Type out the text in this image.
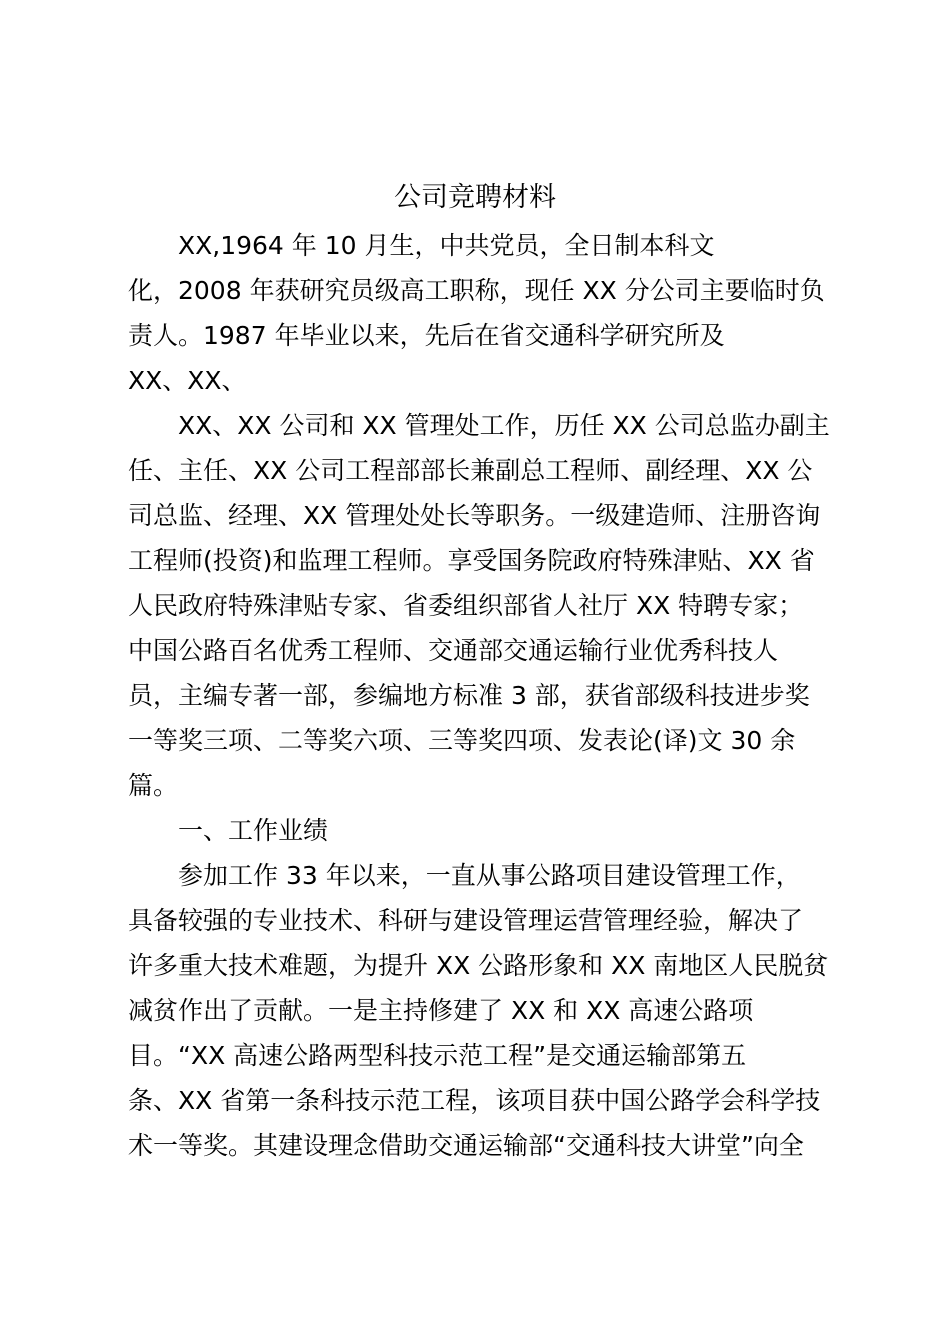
公司竞聘材料
XX,1964 年 10 月生，中共党员，全日制本科文
化，2008 年获研究员级高工职称，现任 XX 分公司主要临时负
责人。1987 年毕业以来，先后在省交通科学研究所及
XX、XX、
XX、XX 公司和 XX 管理处工作，历任 XX 公司总监办副主
任、主任、XX 公司工程部部长兼副总工程师、副经理、XX 公
司总监、经理、XX 管理处处长等职务。一级建造师、注册咨询
工程师(投资)和监理工程师。享受国务院政府特殊津贴、XX 省
人民政府特殊津贴专家、省委组织部省人社厅 XX 特聘专家；
中国公路百名优秀工程师、交通部交通运输行业优秀科技人
员，主编专著一部，参编地方标准 3 部，获省部级科技进步奖
一等奖三项、二等奖六项、三等奖四项、发表论(译)文 30 余
篇。
一、工作业绩
参加工作 33 年以来，一直从事公路项目建设管理工作，
具备较强的专业技术、科研与建设管理运营管理经验，解决了
许多重大技术难题，为提升 XX 公路形象和 XX 南地区人民脱贫
减贫作出了贡献。一是主持修建了 XX 和 XX 高速公路项
目。“XX 高速公路两型科技示范工程”是交通运输部第五
条、XX 省第一条科技示范工程，该项目获中国公路学会科学技
术一等奖。其建设理念借助交通运输部“交通科技大讲堂”向全
